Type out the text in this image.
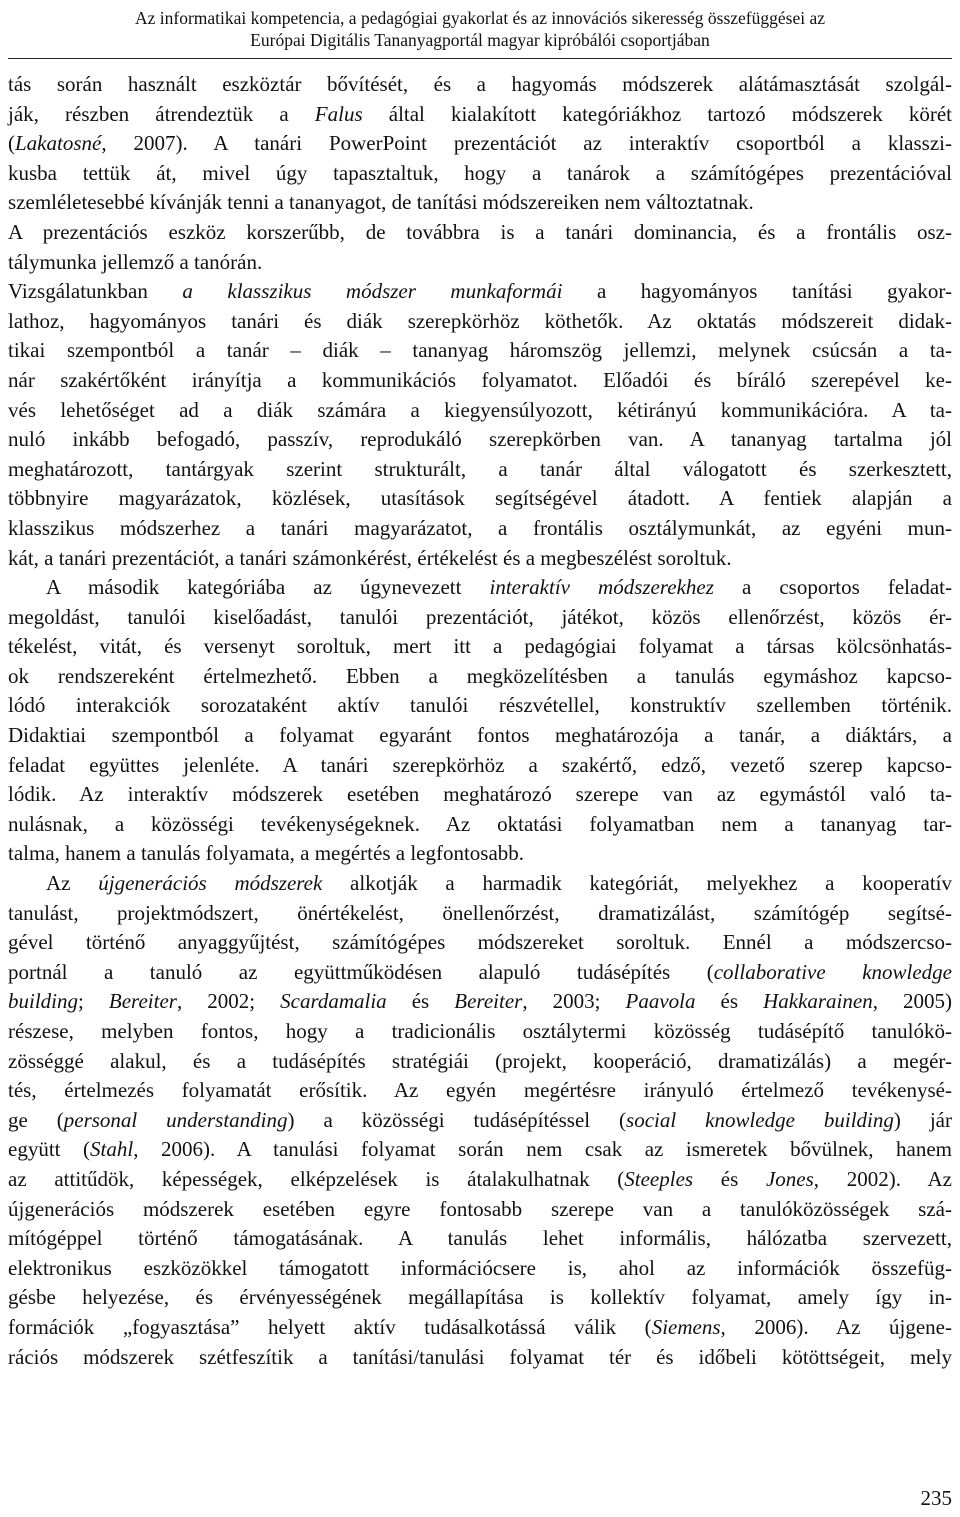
Az informatikai kompetencia, a pedagógiai gyakorlat és az innovációs sikeresség összefüggései az
Európai Digitális Tananyagportál magyar kipróbálói csoportjában
tás során használt eszköztár bővítését, és a hagyomás módszerek alátámasztását szolgál-
ják, részben átrendeztük a Falus által kialakított kategóriákhoz tartozó módszerek körét
(Lakatosné, 2007). A tanári PowerPoint prezentációt az interaktív csoportból a klasszi-
kusba tettük át, mivel úgy tapasztaltuk, hogy a tanárok a számítógépes prezentációval
szemléletesebbé kívánják tenni a tananyagot, de tanítási módszereiken nem változtatnak.
A prezentációs eszköz korszerűbb, de továbbra is a tanári dominancia, és a frontális osz-
tálymunka jellemző a tanórán.
Vizsgálatunkban a klasszikus módszer munkaformái a hagyományos tanítási gyakor-
lathoz, hagyományos tanári és diák szerepkörhöz köthetők. Az oktatás módszereit didak-
tikai szempontból a tanár – diák – tananyag háromszög jellemzi, melynek csúcsán a ta-
nár szakértőként irányítja a kommunikációs folyamatot. Előadói és bíráló szerepével ke-
vés lehetőséget ad a diák számára a kiegyensúlyozott, kétirányú kommunikációra. A ta-
nuló inkább befogadó, passzív, reprodukáló szerepkörben van. A tananyag tartalma jól
meghatározott, tantárgyak szerint strukturált, a tanár által válogatott és szerkesztett,
többnyire magyarázatok, közlések, utasítások segítségével átadott. A fentiek alapján a
klasszikus módszerhez a tanári magyarázatot, a frontális osztálymunkát, az egyéni mun-
kát, a tanári prezentációt, a tanári számonkérést, értékelést és a megbeszélést soroltuk.
A második kategóriába az úgynevezett interaktív módszerekhez a csoportos feladat-
megoldást, tanulói kiselőadást, tanulói prezentációt, játékot, közös ellenőrzést, közös ér-
tékelést, vitát, és versenyt soroltuk, mert itt a pedagógiai folyamat a társas kölcsönhatás-
ok rendszereként értelmezhető. Ebben a megközelítésben a tanulás egymáshoz kapcso-
lódó interakciók sorozataként aktív tanulói részvétellel, konstruktív szellemben történik.
Didaktiai szempontból a folyamat egyaránt fontos meghatározója a tanár, a diáktárs, a
feladat együttes jelenléte. A tanári szerepkörhöz a szakértő, edző, vezető szerep kapcso-
lódik. Az interaktív módszerek esetében meghatározó szerepe van az egymástól való ta-
nulásnak, a közösségi tevékenységeknek. Az oktatási folyamatban nem a tananyag tar-
talma, hanem a tanulás folyamata, a megértés a legfontosabb.
Az újgenerációs módszerek alkotják a harmadik kategóriát, melyekhez a kooperatív
tanulást, projektmódszert, önértékelést, önellenőrzést, dramatizálást, számítógép segítsé-
gével történő anyaggyűjtést, számítógépes módszereket soroltuk. Ennél a módszercso-
portnál a tanuló az együttműködésen alapuló tudásépítés (collaborative knowledge
building; Bereiter, 2002; Scardamalia és Bereiter, 2003; Paavola és Hakkarainen, 2005)
részese, melyben fontos, hogy a tradicionális osztálytermi közösség tudásépítő tanulókö-
zösséggé alakul, és a tudásépítés stratégiái (projekt, kooperáció, dramatizálás) a megér-
tés, értelmezés folyamatát erősítik. Az egyén megértésre irányuló értelmező tevékenysé-
ge (personal understanding) a közösségi tudásépítéssel (social knowledge building) jár
együtt (Stahl, 2006). A tanulási folyamat során nem csak az ismeretek bővülnek, hanem
az attitűdök, képességek, elképzelések is átalakulhatnak (Steeples és Jones, 2002). Az
újgenerációs módszerek esetében egyre fontosabb szerepe van a tanulóközösségek szá-
mítógéppel történő támogatásának. A tanulás lehet informális, hálózatba szervezett,
elektronikus eszközökkel támogatott információcsere is, ahol az információk összefüg-
gésbe helyezése, és érvényességének megállapítása is kollektív folyamat, amely így in-
formációk „fogyasztása” helyett aktív tudásalkotássá válik (Siemens, 2006). Az újgene-
rációs módszerek szétfeszítik a tanítási/tanulási folyamat tér és időbeli kötöttségeit, mely
235
